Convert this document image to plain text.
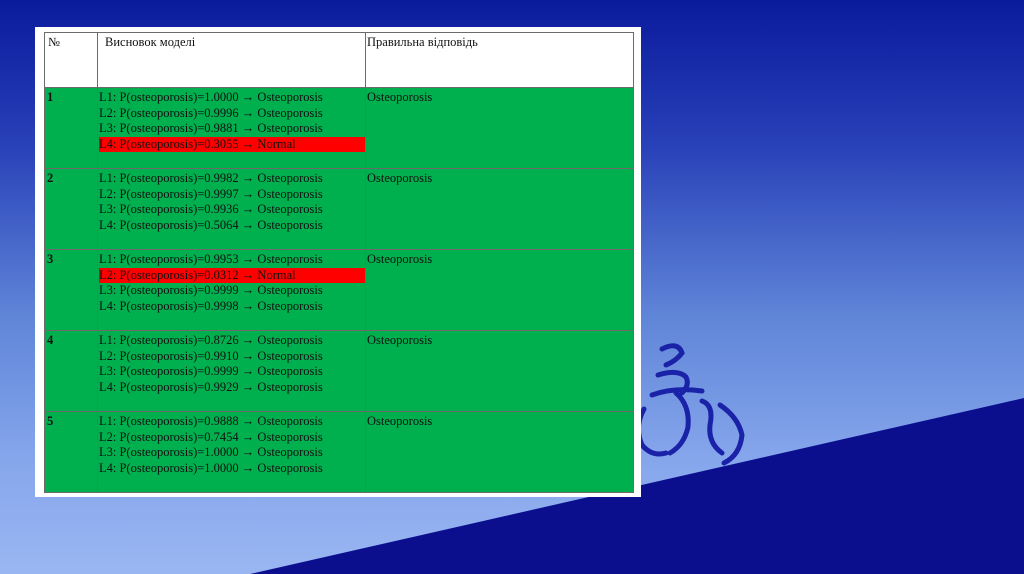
№	Висновок моделі	Правильна відповідь
1	L1: P(osteoporosis)=1.0000 → Osteoporosis
L2: P(osteoporosis)=0.9996 → Osteoporosis
L3: P(osteoporosis)=0.9881 → Osteoporosis
L4: P(osteoporosis)=0.3055 → Normal	Osteoporosis
2	L1: P(osteoporosis)=0.9982 → Osteoporosis
L2: P(osteoporosis)=0.9997 → Osteoporosis
L3: P(osteoporosis)=0.9936 → Osteoporosis
L4: P(osteoporosis)=0.5064 → Osteoporosis	Osteoporosis
3	L1: P(osteoporosis)=0.9953 → Osteoporosis
L2: P(osteoporosis)=0.0312 → Normal
L3: P(osteoporosis)=0.9999 → Osteoporosis
L4: P(osteoporosis)=0.9998 → Osteoporosis	Osteoporosis
4	L1: P(osteoporosis)=0.8726 → Osteoporosis
L2: P(osteoporosis)=0.9910 → Osteoporosis
L3: P(osteoporosis)=0.9999 → Osteoporosis
L4: P(osteoporosis)=0.9929 → Osteoporosis	Osteoporosis
5	L1: P(osteoporosis)=0.9888 → Osteoporosis
L2: P(osteoporosis)=0.7454 → Osteoporosis
L3: P(osteoporosis)=1.0000 → Osteoporosis
L4: P(osteoporosis)=1.0000 → Osteoporosis	Osteoporosis
